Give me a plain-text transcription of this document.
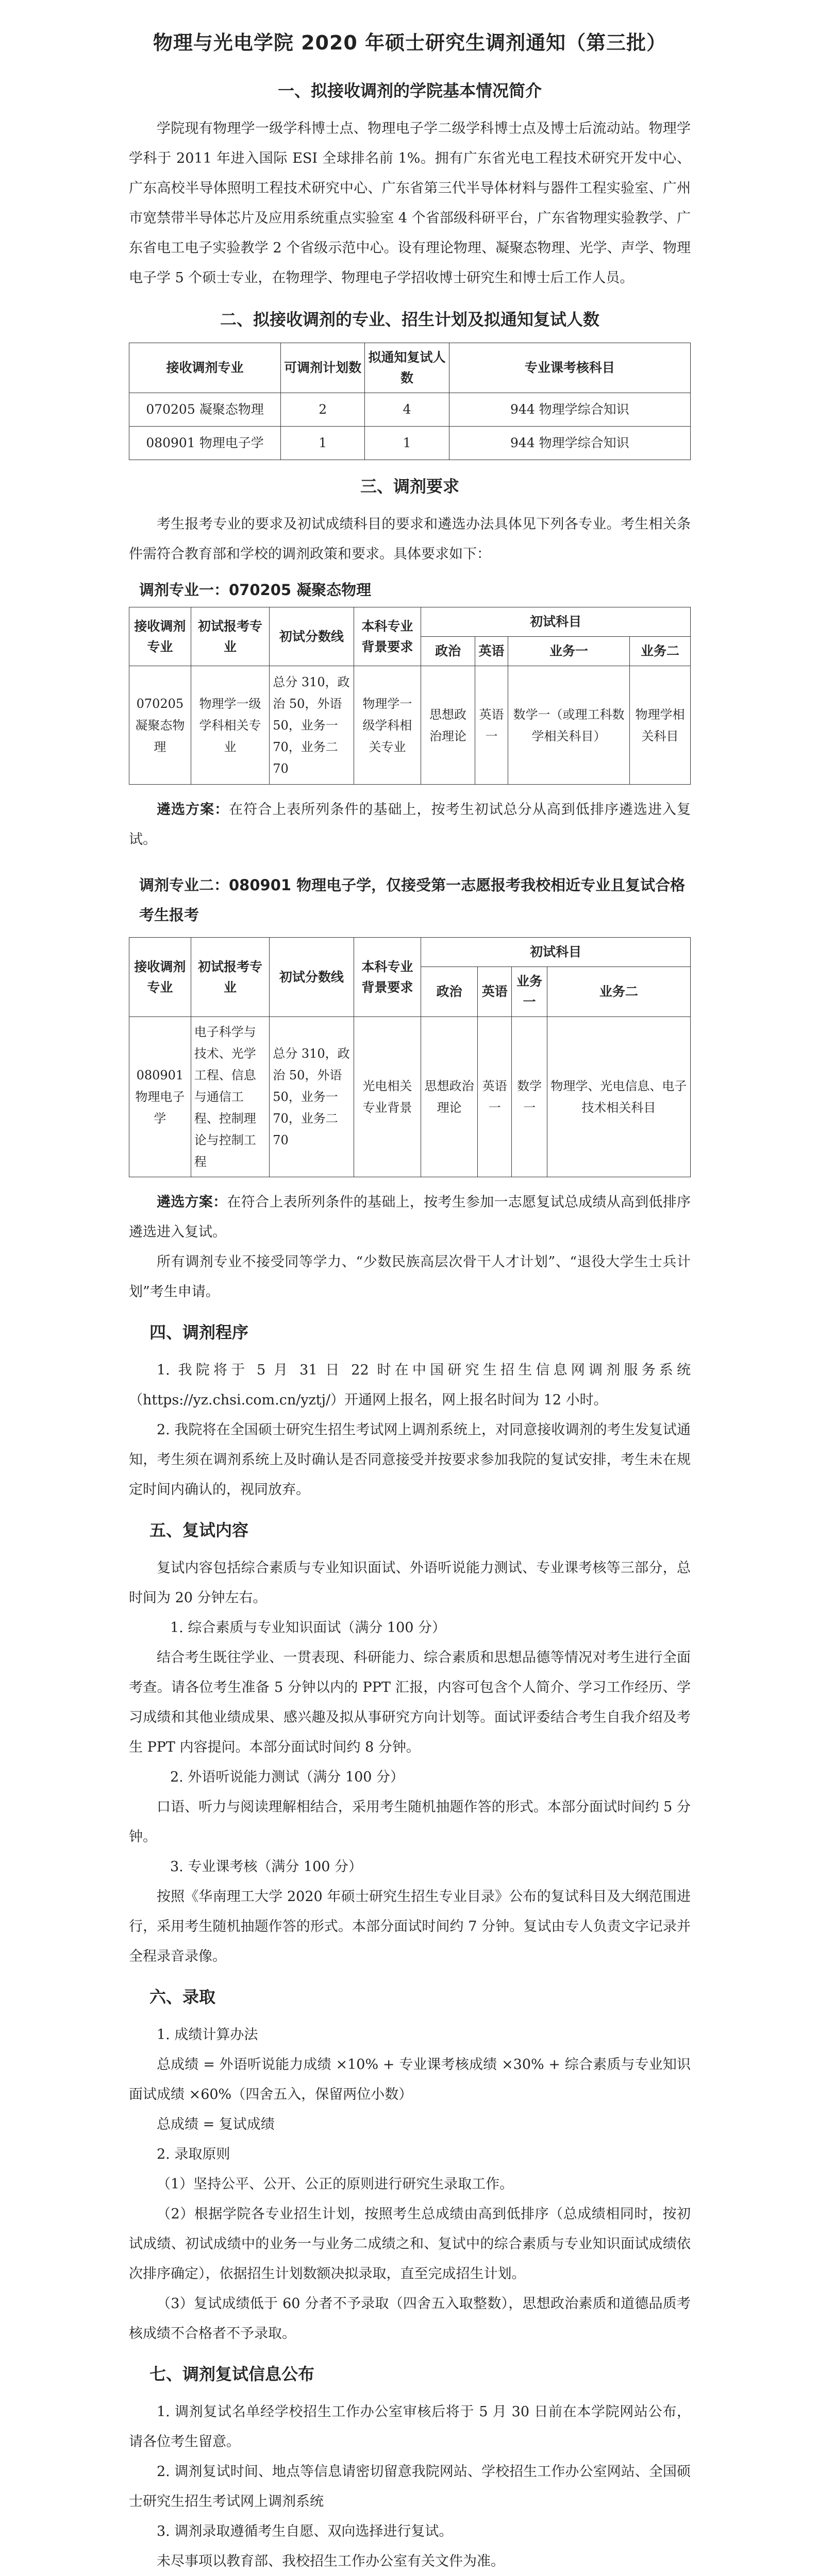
物理与光电学院 2020 年硕士研究生调剂通知（第三批）
一、拟接收调剂的学院基本情况简介

学院现有物理学一级学科博士点、物理电子学二级学科博士点及博士后流动站。物理学学科于 2011 年进入国际 ESI 全球排名前 1%。拥有广东省光电工程技术研究开发中心、广东高校半导体照明工程技术研究中心、广东省第三代半导体材料与器件工程实验室、广州市宽禁带半导体芯片及应用系统重点实验室 4 个省部级科研平台，广东省物理实验教学、广东省电工电子实验教学 2 个省级示范中心。设有理论物理、凝聚态物理、光学、声学、物理电子学 5 个硕士专业，在物理学、物理电子学招收博士研究生和博士后工作人员。

二、拟接收调剂的专业、招生计划及拟通知复试人数
接收调剂专业	可调剂计划数	拟通知复试人数	专业课考核科目
070205 凝聚态物理	2	4	944 物理学综合知识
080901 物理电子学	1	1	944 物理学综合知识
三、调剂要求

考生报考专业的要求及初试成绩科目的要求和遴选办法具体见下列各专业。考生相关条件需符合教育部和学校的调剂政策和要求。具体要求如下：

调剂专业一：070205 凝聚态物理
接收调剂专业	初试报考专业	初试分数线	本科专业背景要求	初试科目			
				政治	英语	业务一	业务二
070205 凝聚态物理	物理学一级学科相关专业	总分 310，政治 50，外语 50，业务一 70，业务二 70	物理学一级学科相关专业	思想政治理论	英语一	数学一（或理工科数学相关科目）	物理学相关科目

遴选方案：在符合上表所列条件的基础上，按考生初试总分从高到低排序遴选进入复试。

调剂专业二：080901 物理电子学，仅接受第一志愿报考我校相近专业且复试合格考生报考
接收调剂专业	初试报考专业	初试分数线	本科专业背景要求	初试科目			
				政治	英语	业务一	业务二
080901 物理电子学	电子科学与技术、光学工程、信息与通信工程、控制理论与控制工程	总分 310，政治 50，外语 50，业务一 70，业务二 70	光电相关专业背景	思想政治理论	英语一	数学一	物理学、光电信息、电子技术相关科目

遴选方案：在符合上表所列条件的基础上，按考生参加一志愿复试总成绩从高到低排序遴选进入复试。

所有调剂专业不接受同等学力、“少数民族高层次骨干人才计划”、“退役大学生士兵计划”考生申请。

四、调剂程序

1. 我院将于 5 月 31 日 22 时在中国研究生招生信息网调剂服务系统（https://yz.chsi.com.cn/yztj/）开通网上报名，网上报名时间为 12 小时。

2. 我院将在全国硕士研究生招生考试网上调剂系统上，对同意接收调剂的考生发复试通知，考生须在调剂系统上及时确认是否同意接受并按要求参加我院的复试安排，考生未在规定时间内确认的，视同放弃。

五、复试内容

复试内容包括综合素质与专业知识面试、外语听说能力测试、专业课考核等三部分，总时间为 20 分钟左右。

1. 综合素质与专业知识面试（满分 100 分）

结合考生既往学业、一贯表现、科研能力、综合素质和思想品德等情况对考生进行全面考查。请各位考生准备 5 分钟以内的 PPT 汇报，内容可包含个人简介、学习工作经历、学习成绩和其他业绩成果、感兴趣及拟从事研究方向计划等。面试评委结合考生自我介绍及考生 PPT 内容提问。本部分面试时间约 8 分钟。

2. 外语听说能力测试（满分 100 分）

口语、听力与阅读理解相结合，采用考生随机抽题作答的形式。本部分面试时间约 5 分钟。

3. 专业课考核（满分 100 分）

按照《华南理工大学 2020 年硕士研究生招生专业目录》公布的复试科目及大纲范围进行，采用考生随机抽题作答的形式。本部分面试时间约 7 分钟。复试由专人负责文字记录并全程录音录像。

六、录取

1. 成绩计算办法

总成绩 = 外语听说能力成绩 ×10% + 专业课考核成绩 ×30% + 综合素质与专业知识面试成绩 ×60%（四舍五入，保留两位小数）

总成绩 = 复试成绩

2. 录取原则

（1）坚持公平、公开、公正的原则进行研究生录取工作。

（2）根据学院各专业招生计划，按照考生总成绩由高到低排序（总成绩相同时，按初试成绩、初试成绩中的业务一与业务二成绩之和、复试中的综合素质与专业知识面试成绩依次排序确定），依据招生计划数额决拟录取，直至完成招生计划。

（3）复试成绩低于 60 分者不予录取（四舍五入取整数），思想政治素质和道德品质考核成绩不合格者不予录取。

七、调剂复试信息公布

1. 调剂复试名单经学校招生工作办公室审核后将于 5 月 30 日前在本学院网站公布，请各位考生留意。

2. 调剂复试时间、地点等信息请密切留意我院网站、学校招生工作办公室网站、全国硕士研究生招生考试网上调剂系统

3. 调剂录取遵循考生自愿、双向选择进行复试。

未尽事项以教育部、我校招生工作办公室有关文件为准。
